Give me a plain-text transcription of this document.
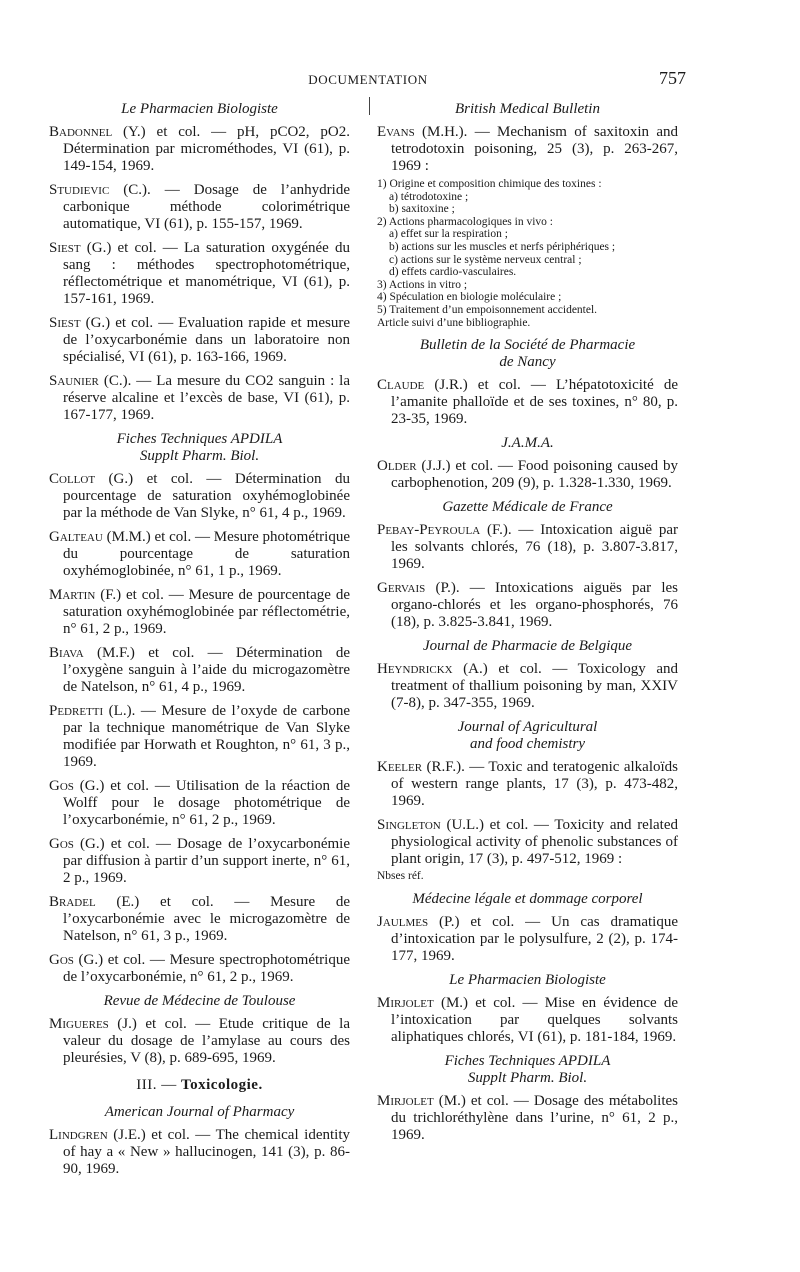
DOCUMENTATION	757
Le Pharmacien Biologiste
Badonnel (Y.) et col. — pH, pCO2, pO2. Détermination par microméthodes, VI (61), p. 149-154, 1969.
Studievic (C.). — Dosage de l’anhydride carbonique méthode colorimétrique automatique, VI (61), p. 155-157, 1969.
Siest (G.) et col. — La saturation oxygénée du sang : méthodes spectrophotométrique, réflectométrique et manométrique, VI (61), p. 157-161, 1969.
Siest (G.) et col. — Evaluation rapide et mesure de l’oxycarbonémie dans un laboratoire non spécialisé, VI (61), p. 163-166, 1969.
Saunier (C.). — La mesure du CO2 sanguin : la réserve alcaline et l’excès de base, VI (61), p. 167-177, 1969.
Fiches Techniques APDILA
Supplt Pharm. Biol.
Collot (G.) et col. — Détermination du pourcentage de saturation oxyhémoglobinée par la méthode de Van Slyke, n° 61, 4 p., 1969.
Galteau (M.M.) et col. — Mesure photométrique du pourcentage de saturation oxyhémoglobinée, n° 61, 1 p., 1969.
Martin (F.) et col. — Mesure de pourcentage de saturation oxyhémoglobinée par réflectométrie, n° 61, 2 p., 1969.
Biava (M.F.) et col. — Détermination de l’oxygène sanguin à l’aide du microgazomètre de Natelson, n° 61, 4 p., 1969.
Pedretti (L.). — Mesure de l’oxyde de carbone par la technique manométrique de Van Slyke modifiée par Horwath et Roughton, n° 61, 3 p., 1969.
Gos (G.) et col. — Utilisation de la réaction de Wolff pour le dosage photométrique de l’oxycarbonémie, n° 61, 2 p., 1969.
Gos (G.) et col. — Dosage de l’oxycarbonémie par diffusion à partir d’un support inerte, n° 61, 2 p., 1969.
Bradel (E.) et col. — Mesure de l’oxycarbonémie avec le microgazomètre de Natelson, n° 61, 3 p., 1969.
Gos (G.) et col. — Mesure spectrophotométrique de l’oxycarbonémie, n° 61, 2 p., 1969.
Revue de Médecine de Toulouse
Migueres (J.) et col. — Etude critique de la valeur du dosage de l’amylase au cours des pleurésies, V (8), p. 689-695, 1969.
III. — Toxicologie.
American Journal of Pharmacy
Lindgren (J.E.) et col. — The chemical identity of hay a « New » hallucinogen, 141 (3), p. 86-90, 1969.
British Medical Bulletin
Evans (M.H.). — Mechanism of saxitoxin and tetrodotoxin poisoning, 25 (3), p. 263-267, 1969 :
1) Origine et composition chimique des toxines :
a) tétrodotoxine ;
b) saxitoxine ;
2) Actions pharmacologiques in vivo :
a) effet sur la respiration ;
b) actions sur les muscles et nerfs périphériques ;
c) actions sur le système nerveux central ;
d) effets cardio-vasculaires.
3) Actions in vitro ;
4) Spéculation en biologie moléculaire ;
5) Traitement d’un empoisonnement accidentel.
Article suivi d’une bibliographie.
Bulletin de la Société de Pharmacie
de Nancy
Claude (J.R.) et col. — L’hépatotoxicité de l’amanite phalloïde et de ses toxines, n° 80, p. 23-35, 1969.
J.A.M.A.
Older (J.J.) et col. — Food poisoning caused by carbophenotion, 209 (9), p. 1.328-1.330, 1969.
Gazette Médicale de France
Pebay-Peyroula (F.). — Intoxication aiguë par les solvants chlorés, 76 (18), p. 3.807-3.817, 1969.
Gervais (P.). — Intoxications aiguës par les organo-chlorés et les organo-phosphorés, 76 (18), p. 3.825-3.841, 1969.
Journal de Pharmacie de Belgique
Heyndrickx (A.) et col. — Toxicology and treatment of thallium poisoning by man, XXIV (7-8), p. 347-355, 1969.
Journal of Agricultural
and food chemistry
Keeler (R.F.). — Toxic and teratogenic alkaloïds of western range plants, 17 (3), p. 473-482, 1969.
Singleton (U.L.) et col. — Toxicity and related physiological activity of phenolic substances of plant origin, 17 (3), p. 497-512, 1969 :
Nbses réf.
Médecine légale et dommage corporel
Jaulmes (P.) et col. — Un cas dramatique d’intoxication par le polysulfure, 2 (2), p. 174-177, 1969.
Le Pharmacien Biologiste
Mirjolet (M.) et col. — Mise en évidence de l’intoxication par quelques solvants aliphatiques chlorés, VI (61), p. 181-184, 1969.
Fiches Techniques APDILA
Supplt Pharm. Biol.
Mirjolet (M.) et col. — Dosage des métabolites du trichloréthylène dans l’urine, n° 61, 2 p., 1969.
